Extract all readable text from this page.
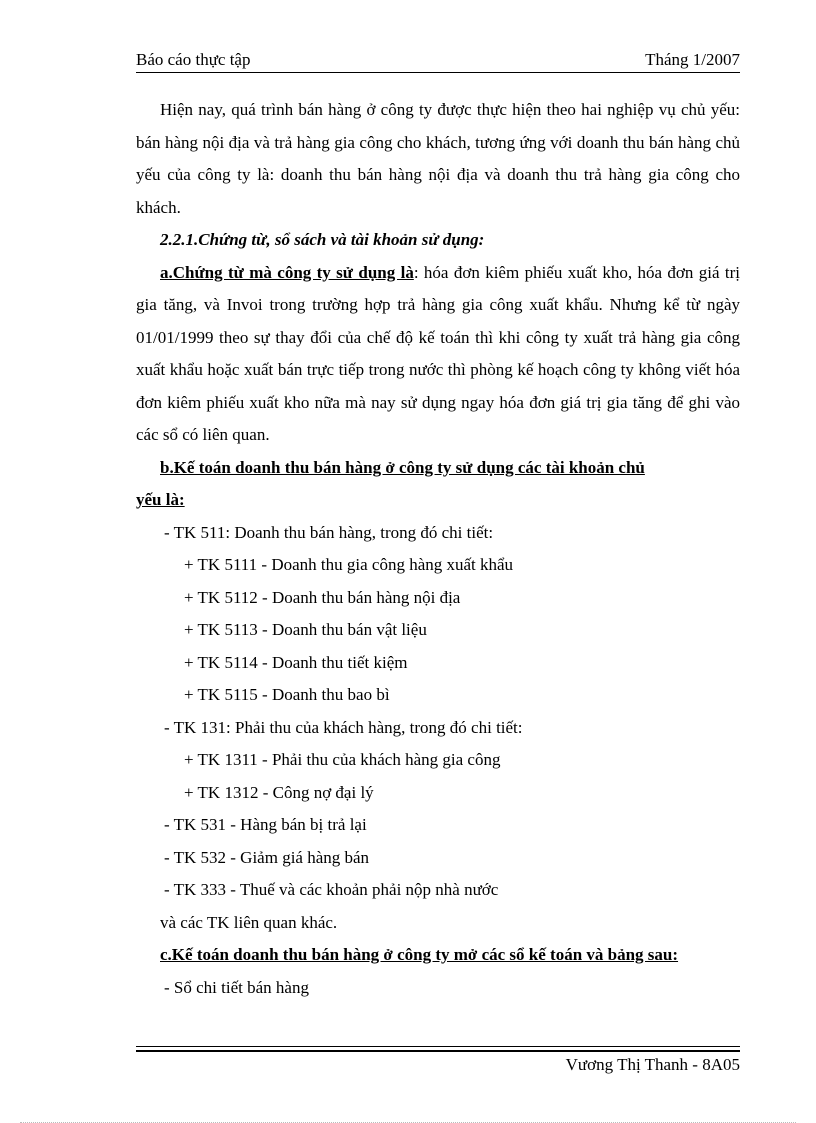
Báo cáo thực tập	Tháng 1/2007

Hiện nay, quá trình bán hàng ở công ty được thực hiện theo hai nghiệp vụ chủ yếu: bán hàng nội địa và trả hàng gia công cho khách, tương ứng với doanh thu bán hàng chủ yếu của công ty là: doanh thu bán hàng nội địa và doanh thu trả hàng gia công cho khách.

2.2.1.Chứng từ, sổ sách và tài khoản sử dụng:

a.Chứng từ mà công ty sử dụng là: hóa đơn kiêm phiếu xuất kho, hóa đơn giá trị gia tăng, và Invoi trong trường hợp trả hàng gia công xuất khẩu. Nhưng kể từ ngày 01/01/1999 theo sự thay đổi của chế độ kế toán thì khi công ty xuất trả hàng gia công xuất khẩu hoặc xuất bán trực tiếp trong nước thì phòng kế hoạch công ty không viết hóa đơn kiêm phiếu xuất kho nữa mà nay sử dụng ngay hóa đơn giá trị gia tăng để ghi vào các sổ có liên quan.

b.Kế toán doanh thu bán hàng ở công ty sử dụng các tài khoản chủ

yếu là:

- TK 511: Doanh thu bán hàng, trong đó chi tiết:

+ TK 5111 - Doanh thu gia công hàng xuất khẩu

+ TK 5112 - Doanh thu bán hàng nội địa

+ TK 5113 - Doanh thu bán vật liệu

+ TK 5114 - Doanh thu tiết kiệm

+ TK 5115 - Doanh thu bao bì

- TK 131: Phải thu của khách hàng, trong đó chi tiết:

+ TK 1311 - Phải thu của khách hàng gia công

+ TK 1312 - Công nợ đại lý

- TK 531 - Hàng bán bị trả lại

- TK 532 - Giảm giá hàng bán

- TK 333 - Thuế và các khoản phải nộp nhà nước

và các TK liên quan khác.

c.Kế toán doanh thu bán hàng ở công ty mở các sổ kế toán và bảng sau:

- Sổ chi tiết bán hàng

Vương Thị Thanh - 8A05
